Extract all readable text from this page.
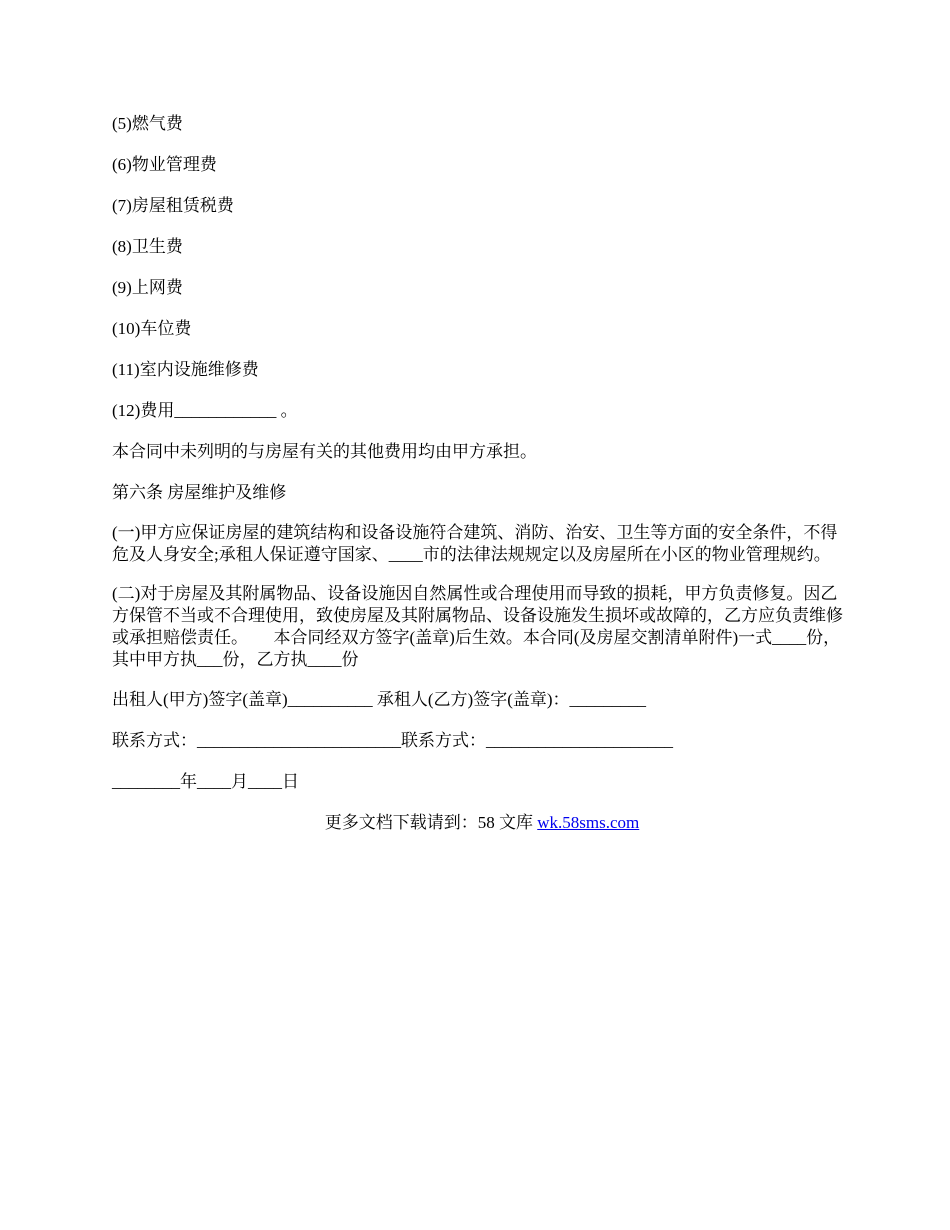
(5)燃气费

(6)物业管理费

(7)房屋租赁税费

(8)卫生费

(9)上网费

(10)车位费

(11)室内设施维修费

(12)费用____________ 。

本合同中未列明的与房屋有关的其他费用均由甲方承担。

第六条 房屋维护及维修

(一)甲方应保证房屋的建筑结构和设备设施符合建筑、消防、治安、卫生等方面的安全条件，不得危及人身安全;承租人保证遵守国家、____市的法律法规规定以及房屋所在小区的物业管理规约。

(二)对于房屋及其附属物品、设备设施因自然属性或合理使用而导致的损耗，甲方负责修复。因乙方保管不当或不合理使用，致使房屋及其附属物品、设备设施发生损坏或故障的，乙方应负责维修或承担赔偿责任。　　本合同经双方签字(盖章)后生效。本合同(及房屋交割清单附件)一式____份，其中甲方执___份，乙方执____份

出租人(甲方)签字(盖章)__________ 承租人(乙方)签字(盖章)：_________

联系方式：________________________联系方式：______________________

________年____月____日

更多文档下载请到：58 文库 wk.58sms.com
